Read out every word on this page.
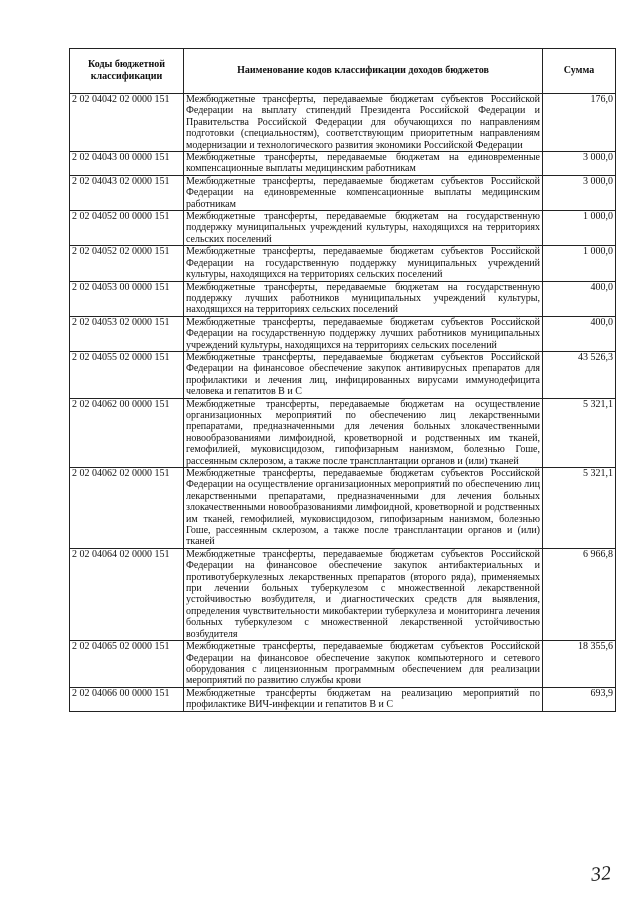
Коды бюджетной классификации	Наименование кодов классификации доходов бюджетов	Сумма
2 02 04042 02 0000 151	Межбюджетные трансферты, передаваемые бюджетам субъектов Российской Федерации на выплату стипендий Президента Российской Федерации и Правительства Российской Федерации для обучающихся по направлениям подготовки (специальностям), соответствующим приоритетным направлениям модернизации и технологического развития экономики Российской Федерации	176,0
2 02 04043 00 0000 151	Межбюджетные трансферты, передаваемые бюджетам на единовременные компенсационные выплаты медицинским работникам	3 000,0
2 02 04043 02 0000 151	Межбюджетные трансферты, передаваемые бюджетам субъектов Российской Федерации на единовременные компенсационные выплаты медицинским работникам	3 000,0
2 02 04052 00 0000 151	Межбюджетные трансферты, передаваемые бюджетам на государственную поддержку муниципальных учреждений культуры, находящихся на территориях сельских поселений	1 000,0
2 02 04052 02 0000 151	Межбюджетные трансферты, передаваемые бюджетам субъектов Российской Федерации на государственную поддержку муниципальных учреждений культуры, находящихся на территориях сельских поселений	1 000,0
2 02 04053 00 0000 151	Межбюджетные трансферты, передаваемые бюджетам на государственную поддержку лучших работников муниципальных учреждений культуры, находящихся на территориях сельских поселений	400,0
2 02 04053 02 0000 151	Межбюджетные трансферты, передаваемые бюджетам субъектов Российской Федерации на государственную поддержку лучших работников муниципальных учреждений культуры, находящихся на территориях сельских поселений	400,0
2 02 04055 02 0000 151	Межбюджетные трансферты, передаваемые бюджетам субъектов Российской Федерации на финансовое обеспечение закупок антивирусных препаратов для профилактики и лечения лиц, инфицированных вирусами иммунодефицита человека и гепатитов В и С	43 526,3
2 02 04062 00 0000 151	Межбюджетные трансферты, передаваемые бюджетам на осуществление организационных мероприятий по обеспечению лиц лекарственными препаратами, предназначенными для лечения больных злокачественными новообразованиями лимфоидной, кроветворной и родственных им тканей, гемофилией, муковисцидозом, гипофизарным нанизмом, болезнью Гоше, рассеянным склерозом, а также после трансплантации органов и (или) тканей	5 321,1
2 02 04062 02 0000 151	Межбюджетные трансферты, передаваемые бюджетам субъектов Российской Федерации на осуществление организационных мероприятий по обеспечению лиц лекарственными препаратами, предназначенными для лечения больных злокачественными новообразованиями лимфоидной, кроветворной и родственных им тканей, гемофилией, муковисцидозом, гипофизарным нанизмом, болезнью Гоше, рассеянным склерозом, а также после трансплантации органов и (или) тканей	5 321,1
2 02 04064 02 0000 151	Межбюджетные трансферты, передаваемые бюджетам субъектов Российской Федерации на финансовое обеспечение закупок антибактериальных и противотуберкулезных лекарственных препаратов (второго ряда), применяемых при лечении больных туберкулезом с множественной лекарственной устойчивостью возбудителя, и диагностических средств для выявления, определения чувствительности микобактерии туберкулеза и мониторинга лечения больных туберкулезом с множественной лекарственной устойчивостью возбудителя	6 966,8
2 02 04065 02 0000 151	Межбюджетные трансферты, передаваемые бюджетам субъектов Российской Федерации на финансовое обеспечение закупок компьютерного и сетевого оборудования с лицензионным программным обеспечением для реализации мероприятий по развитию службы крови	18 355,6
2 02 04066 00 0000 151	Межбюджетные трансферты бюджетам на реализацию мероприятий по профилактике ВИЧ-инфекции и гепатитов В и С	693,9
32
